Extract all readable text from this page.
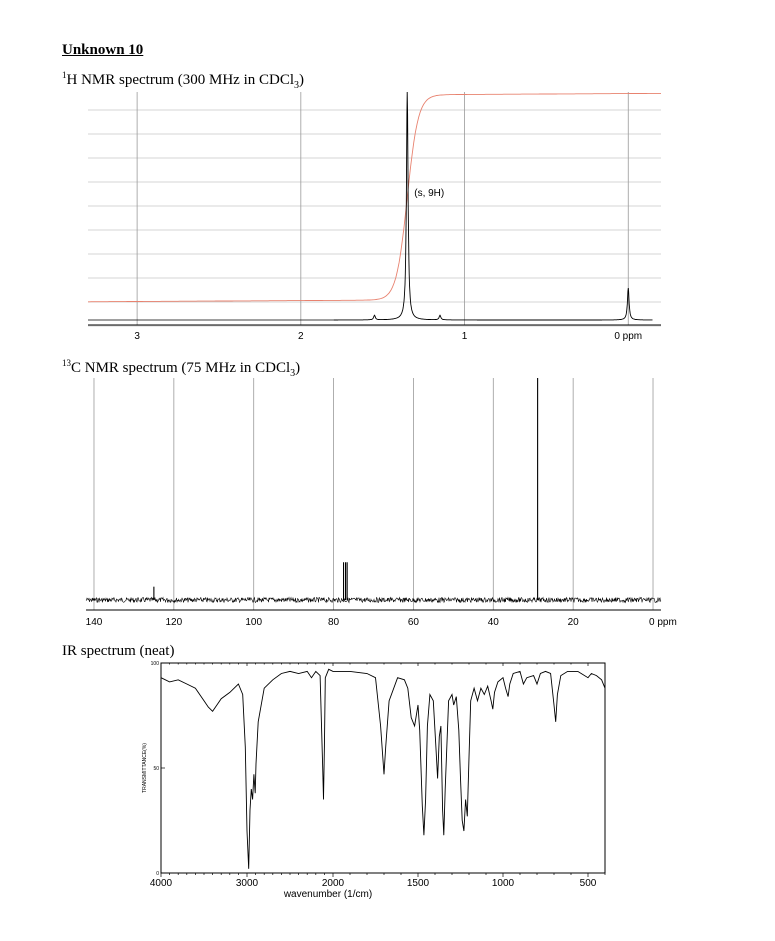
Unknown 10
$^1$H NMR spectrum (300 MHz in CDCl$_3$)
$^{13}$C NMR spectrum (75 MHz in CDCl$_3$)
IR spectrum (neat)
3	2	1	0 ppm
(s, 9H)
140	120	100	80	60	40	20	0 ppm
4000	3000	2000	1500	1000	500
0
50
100
wavenumber (1/cm)
TRANSMITTANCE(%)
